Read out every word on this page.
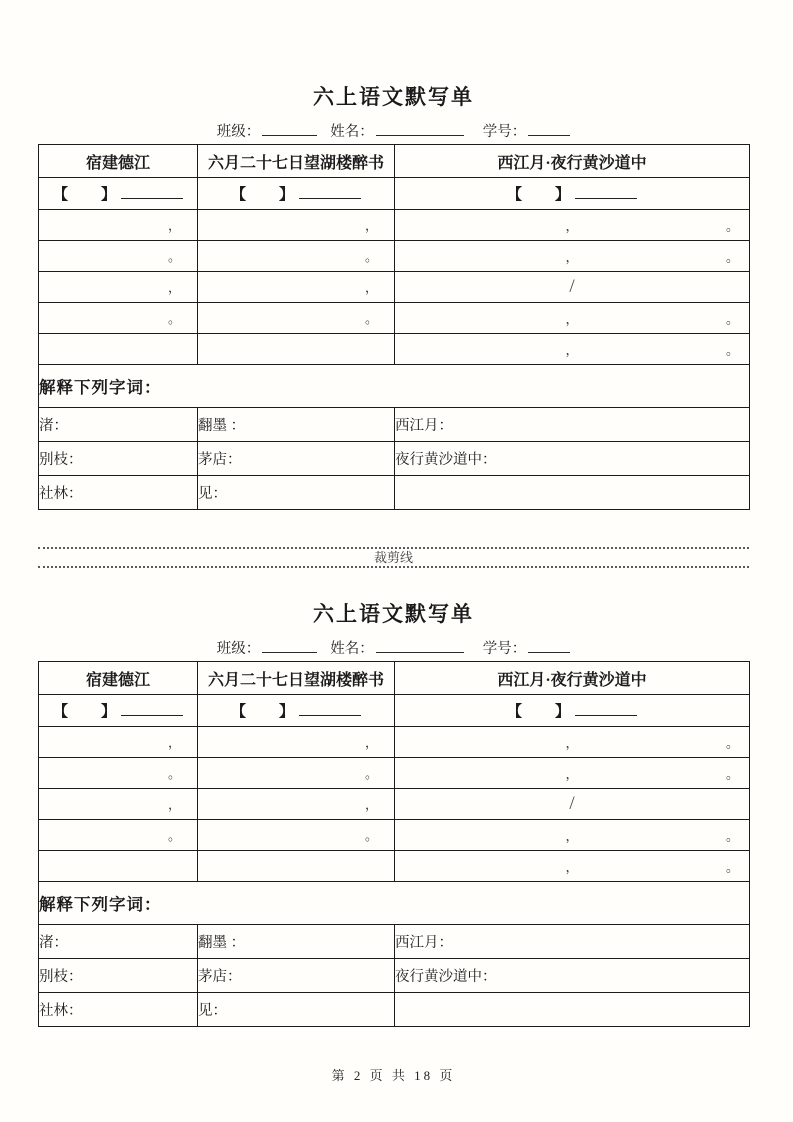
六上语文默写单
班级：	姓名：	学号：
宿建德江	六月二十七日望湖楼醉书	西江月·夜行黄沙道中
【　】	【　】	【　】
，	，	， 。

。	。	， 。

，	，	/

。	。	， 。

		， 。

解释下列字词：		
渚：	翻墨 ：	西江月：
别枝：	茅店：	夜行黄沙道中：
社林：	见：	
裁剪线
六上语文默写单
班级：	姓名：	学号：
宿建德江	六月二十七日望湖楼醉书	西江月·夜行黄沙道中
【　】	【　】	【　】
，	，	， 。

。	。	， 。

，	，	/

。	。	， 。

		， 。

解释下列字词：		
渚：	翻墨 ：	西江月：
别枝：	茅店：	夜行黄沙道中：
社林：	见：	
第 2 页 共 18 页
